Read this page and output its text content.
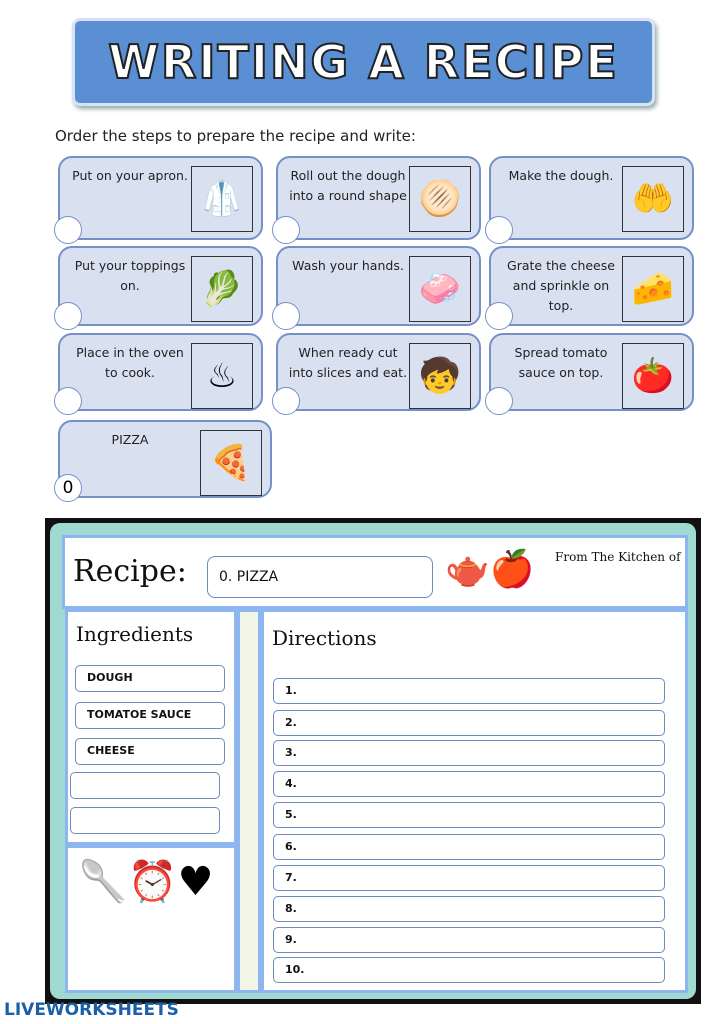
WRITING A RECIPE
Order the steps to prepare the recipe and write:
Put on your apron.
🥼
Roll out the dough into a round shape 🫓
Make the dough.
🤲
Put your toppings on.	🥬
Wash your hands.
🧼
Grate the cheese and sprinkle on top.	🧀
Place in the oven to cook.	♨
When ready cut into slices and eat. 🧒
Spread tomato sauce on top. 🍅
PIZZA
🍕
0
Recipe:	0. PIZZA	🫖🍎 From The Kitchen of
Ingredients
DOUGH
TOMATOE SAUCE
CHEESE
🥄⏰♥
Directions
1.
2.
3.
4.
5.
6.
7.
8.
9.
10.
LIVEWORKSHEETS
